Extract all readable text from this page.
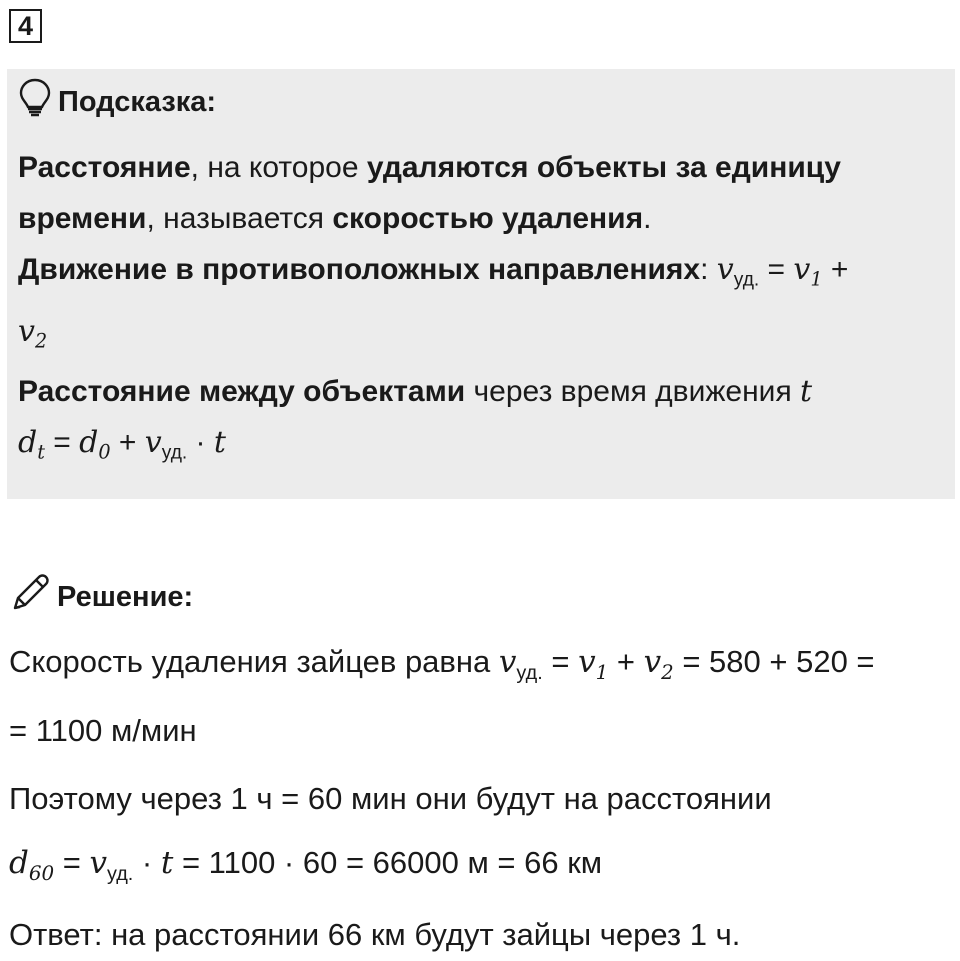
4
Подсказка:
Расстояние, на которое удаляются объекты за единицу времени, называется скоростью удаления.
Движение в противоположных направлениях: $v_{уд.} = v_1$ +
$v_2$
Расстояние между объектами через время движения t
$d_t = d_0 + v_{уд.} \cdot t$
Решение:
Скорость удаления зайцев равна $v_{уд.} = v_1 + v_2 = 580 + 520$ =
= 1100 м/мин
Поэтому через 1 ч = 60 мин они будут на расстоянии
$d_{60} = v_{уд.} \cdot t = 1100 \cdot 60 = 66000$ м = 66 км
Ответ: на расстоянии 66 км будут зайцы через 1 ч.
